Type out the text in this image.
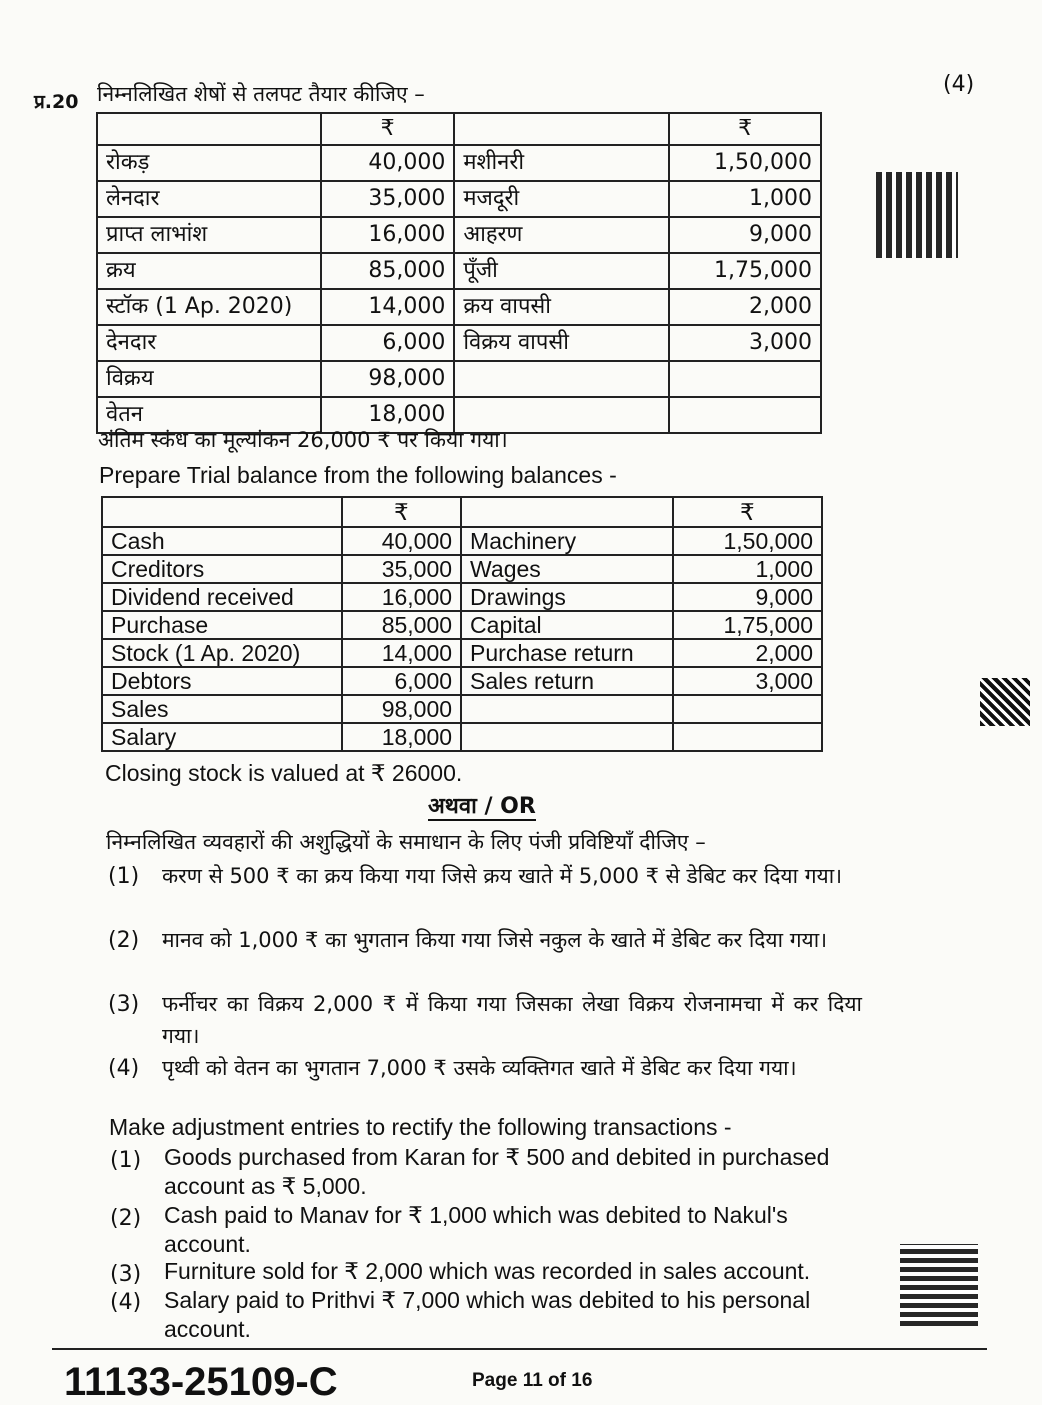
प्र.20 निम्नलिखित शेषों से तलपट तैयार कीजिए –	(4)
	₹		₹
रोकड़	40,000	मशीनरी	1,50,000
लेनदार	35,000	मजदूरी	1,000
प्राप्त लाभांश	16,000	आहरण	9,000
क्रय	85,000	पूँजी	1,75,000
स्टॉक (1 Ap. 2020)	14,000	क्रय वापसी	2,000
देनदार	6,000	विक्रय वापसी	3,000
विक्रय	98,000		
वेतन	18,000		
अंतिम स्कंध का मूल्यांकन 26,000 ₹ पर किया गया।
Prepare Trial balance from the following balances -
	₹		₹
Cash	40,000	Machinery	1,50,000
Creditors	35,000	Wages	1,000
Dividend received	16,000	Drawings	9,000
Purchase	85,000	Capital	1,75,000
Stock (1 Ap. 2020)	14,000	Purchase return	2,000
Debtors	6,000	Sales return	3,000
Sales	98,000		
Salary	18,000		
Closing stock is valued at ₹ 26000.
अथवा / OR
निम्नलिखित व्यवहारों की अशुद्धियों के समाधान के लिए पंजी प्रविष्टियाँ दीजिए –
(1) करण से 500 ₹ का क्रय किया गया जिसे क्रय खाते में 5,000 ₹ से डेबिट कर दिया गया।
(2) मानव को 1,000 ₹ का भुगतान किया गया जिसे नकुल के खाते में डेबिट कर दिया गया।
(3) फर्नीचर का विक्रय 2,000 ₹ में किया गया जिसका लेखा विक्रय रोजनामचा में कर दिया गया।
(4) पृथ्वी को वेतन का भुगतान 7,000 ₹ उसके व्यक्तिगत खाते में डेबिट कर दिया गया।
Make adjustment entries to rectify the following transactions -
(1) Goods purchased from Karan for ₹ 500 and debited in purchased account as ₹ 5,000.
(2) Cash paid to Manav for ₹ 1,000 which was debited to Nakul's account.
(3) Furniture sold for ₹ 2,000 which was recorded in sales account.
(4) Salary paid to Prithvi ₹ 7,000 which was debited to his personal account.
11133-25109-C	Page 11 of 16
